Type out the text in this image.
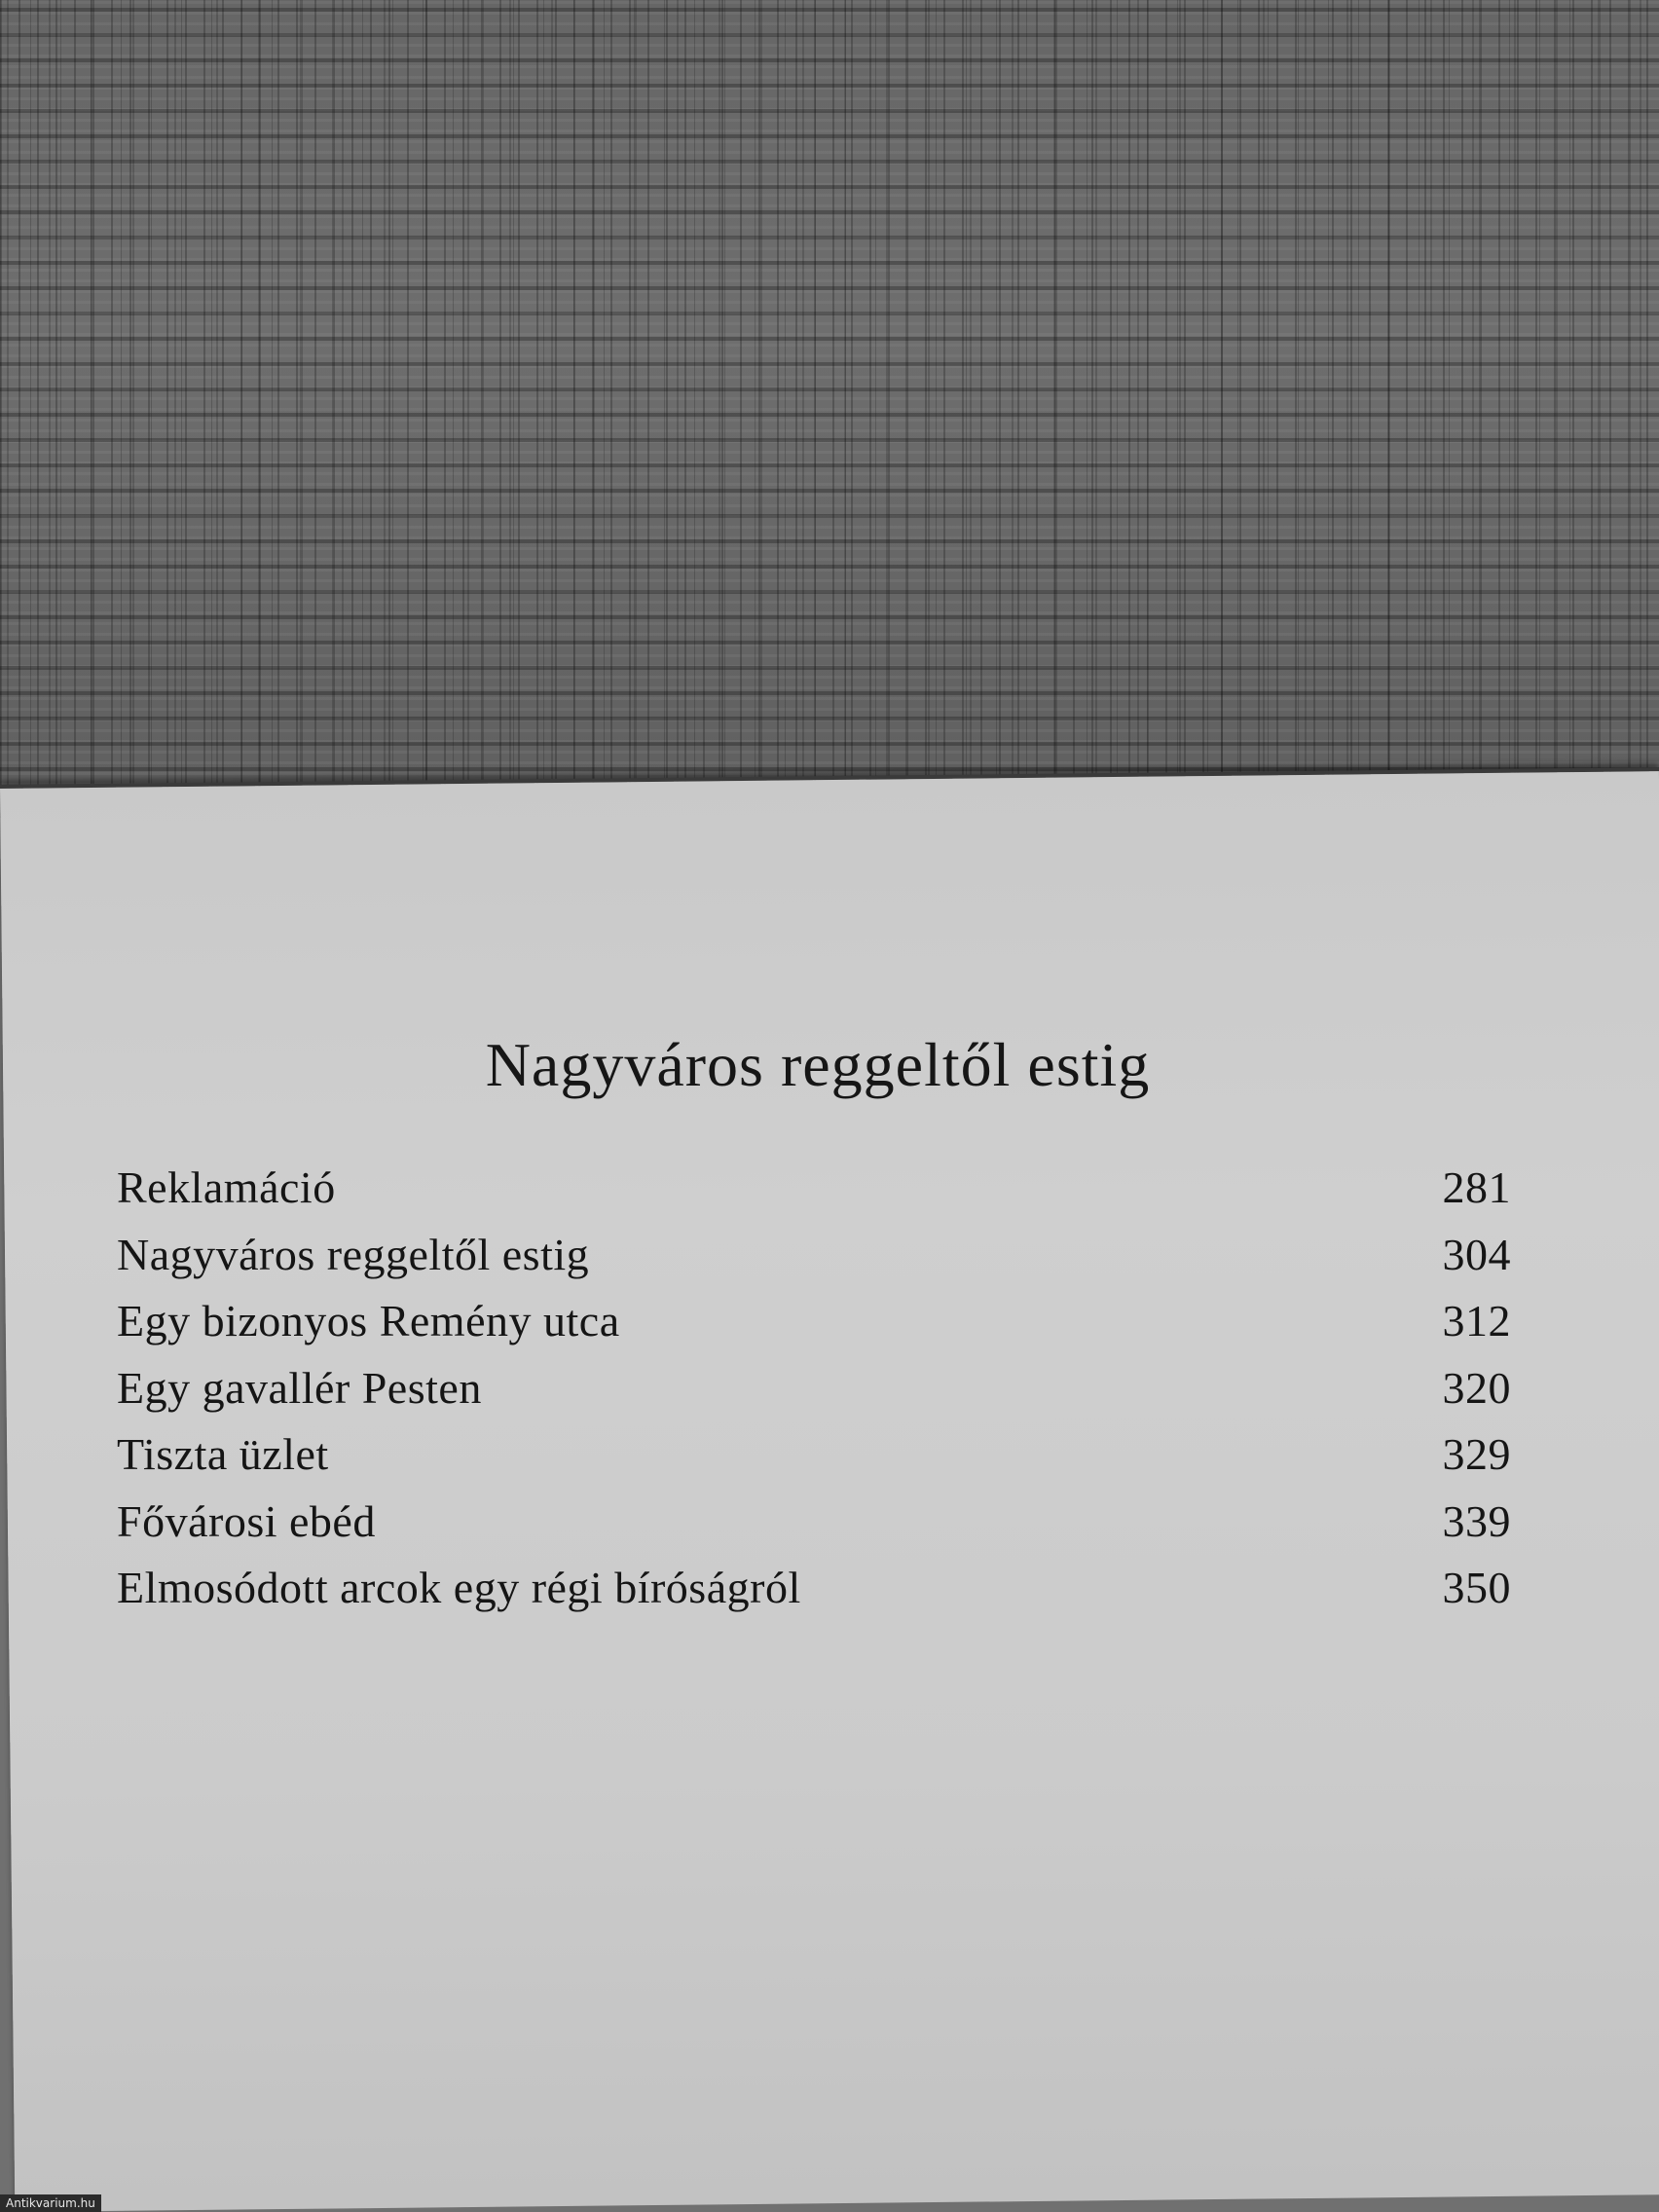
Nagyváros reggeltől estig
Reklamáció	281
Nagyváros reggeltől estig	304
Egy bizonyos Remény utca	312
Egy gavallér Pesten	320
Tiszta üzlet	329
Fővárosi ebéd	339
Elmosódott arcok egy régi bíróságról	350
Antikvarium.hu
